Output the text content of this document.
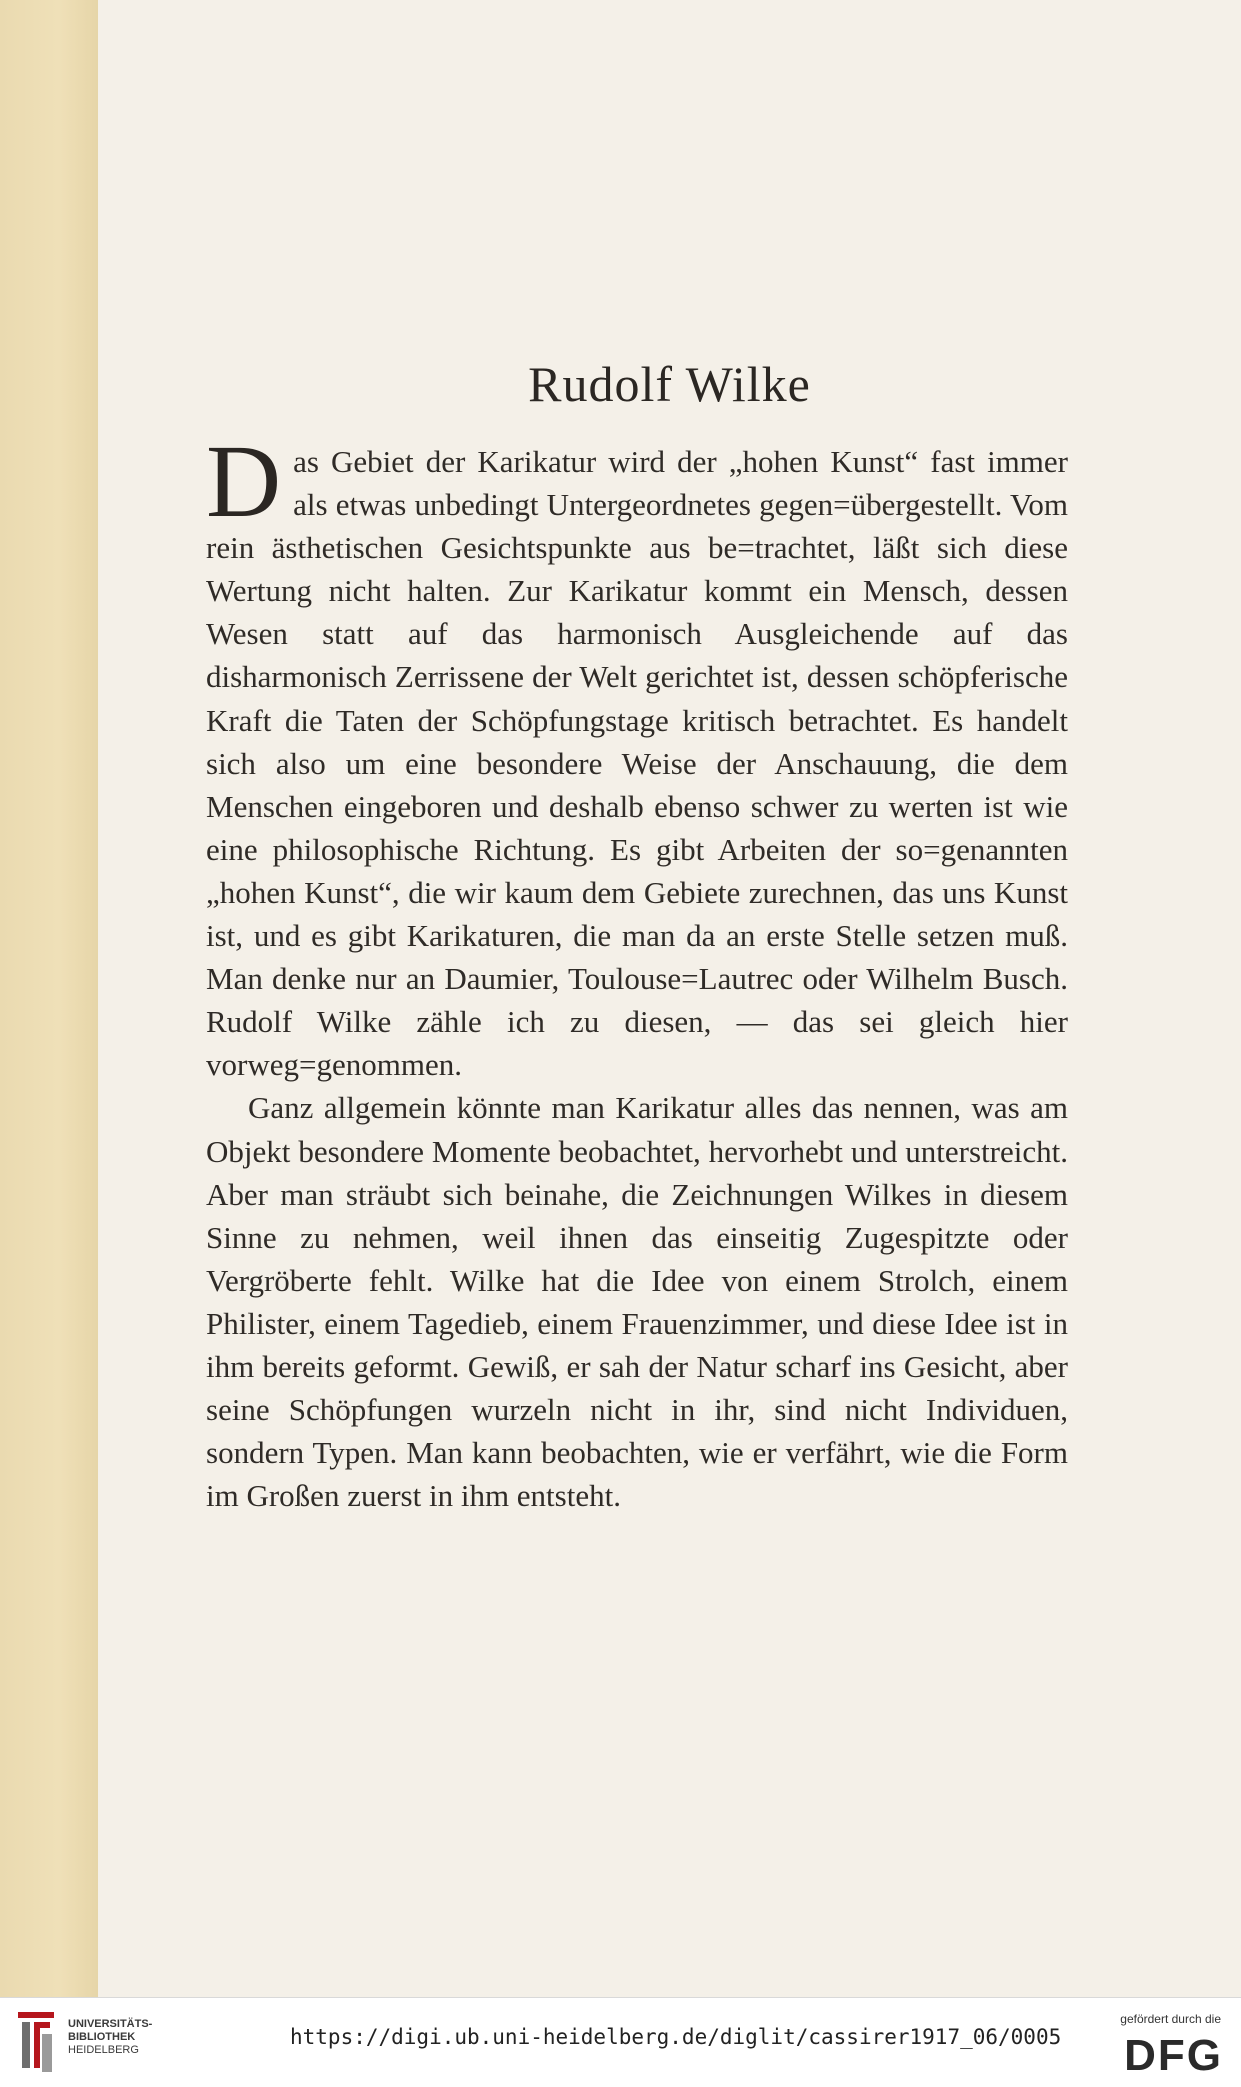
Rudolf Wilke

Das Gebiet der Karikatur wird der „hohen Kunst“ fast immer als etwas unbedingt Untergeordnetes gegen=übergestellt. Vom rein ästhetischen Gesichtspunkte aus be=trachtet, läßt sich diese Wertung nicht halten. Zur Karikatur kommt ein Mensch, dessen Wesen statt auf das harmonisch Ausgleichende auf das disharmonisch Zerrissene der Welt gerichtet ist, dessen schöpferische Kraft die Taten der Schöpfungstage kritisch betrachtet. Es handelt sich also um eine besondere Weise der Anschauung, die dem Menschen eingeboren und deshalb ebenso schwer zu werten ist wie eine philosophische Richtung. Es gibt Arbeiten der so=genannten „hohen Kunst“, die wir kaum dem Gebiete zurechnen, das uns Kunst ist, und es gibt Karikaturen, die man da an erste Stelle setzen muß. Man denke nur an Daumier, Toulouse=Lautrec oder Wilhelm Busch. Rudolf Wilke zähle ich zu diesen, — das sei gleich hier vorweg=genommen.

Ganz allgemein könnte man Karikatur alles das nennen, was am Objekt besondere Momente beobachtet, hervorhebt und unterstreicht. Aber man sträubt sich beinahe, die Zeichnungen Wilkes in diesem Sinne zu nehmen, weil ihnen das einseitig Zugespitzte oder Vergröberte fehlt. Wilke hat die Idee von einem Strolch, einem Philister, einem Tagedieb, einem Frauenzimmer, und diese Idee ist in ihm bereits geformt. Gewiß, er sah der Natur scharf ins Gesicht, aber seine Schöpfungen wurzeln nicht in ihr, sind nicht Individuen, sondern Typen. Man kann beobachten, wie er verfährt, wie die Form im Großen zuerst in ihm entsteht.

UNIVERSITÄTS-
BIBLIOTHEK
HEIDELBERG
https://digi.ub.uni-heidelberg.de/diglit/cassirer1917_06/0005
gefördert durch die
DFG
